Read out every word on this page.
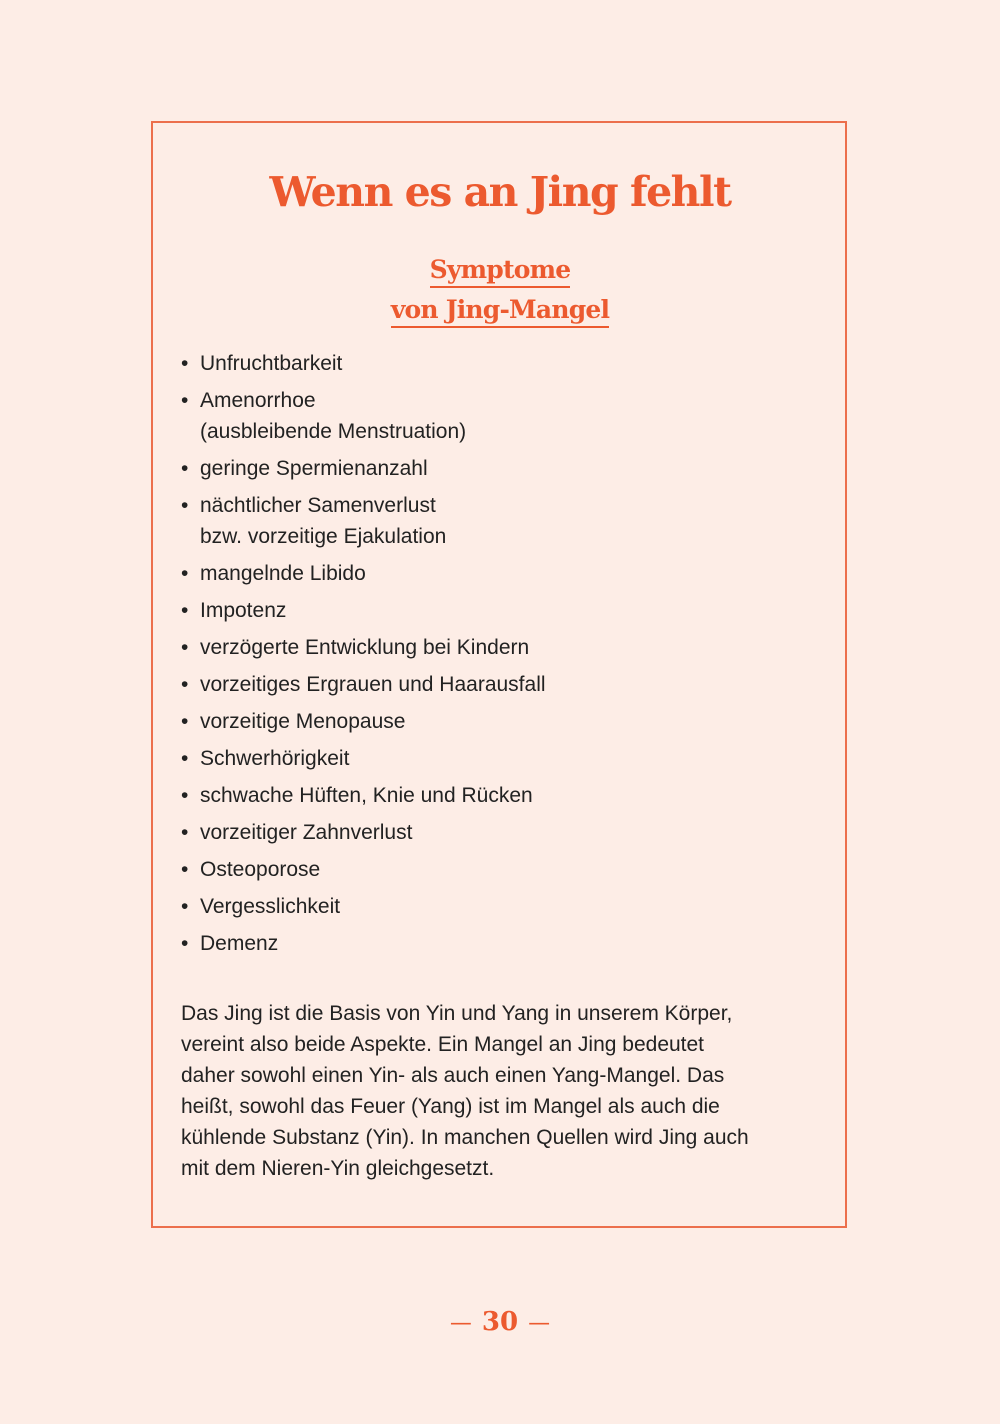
Wenn es an Jing fehlt
Symptome
von Jing-Mangel
• Unfruchtbarkeit
• Amenorrhoe
(ausbleibende Menstruation)
• geringe Spermienanzahl
• nächtlicher Samenverlust
bzw. vorzeitige Ejakulation
• mangelnde Libido
• Impotenz
• verzögerte Entwicklung bei Kindern
• vorzeitiges Ergrauen und Haarausfall
• vorzeitige Menopause
• Schwerhörigkeit
• schwache Hüften, Knie und Rücken
• vorzeitiger Zahnverlust
• Osteoporose
• Vergesslichkeit
• Demenz

Das Jing ist die Basis von Yin und Yang in unserem Körper,
vereint also beide Aspekte. Ein Mangel an Jing bedeutet
daher sowohl einen Yin- als auch einen Yang-Mangel. Das
heißt, sowohl das Feuer (Yang) ist im Mangel als auch die
kühlende Substanz (Yin). In manchen Quellen wird Jing auch
mit dem Nieren-Yin gleichgesetzt.

— 30 —
